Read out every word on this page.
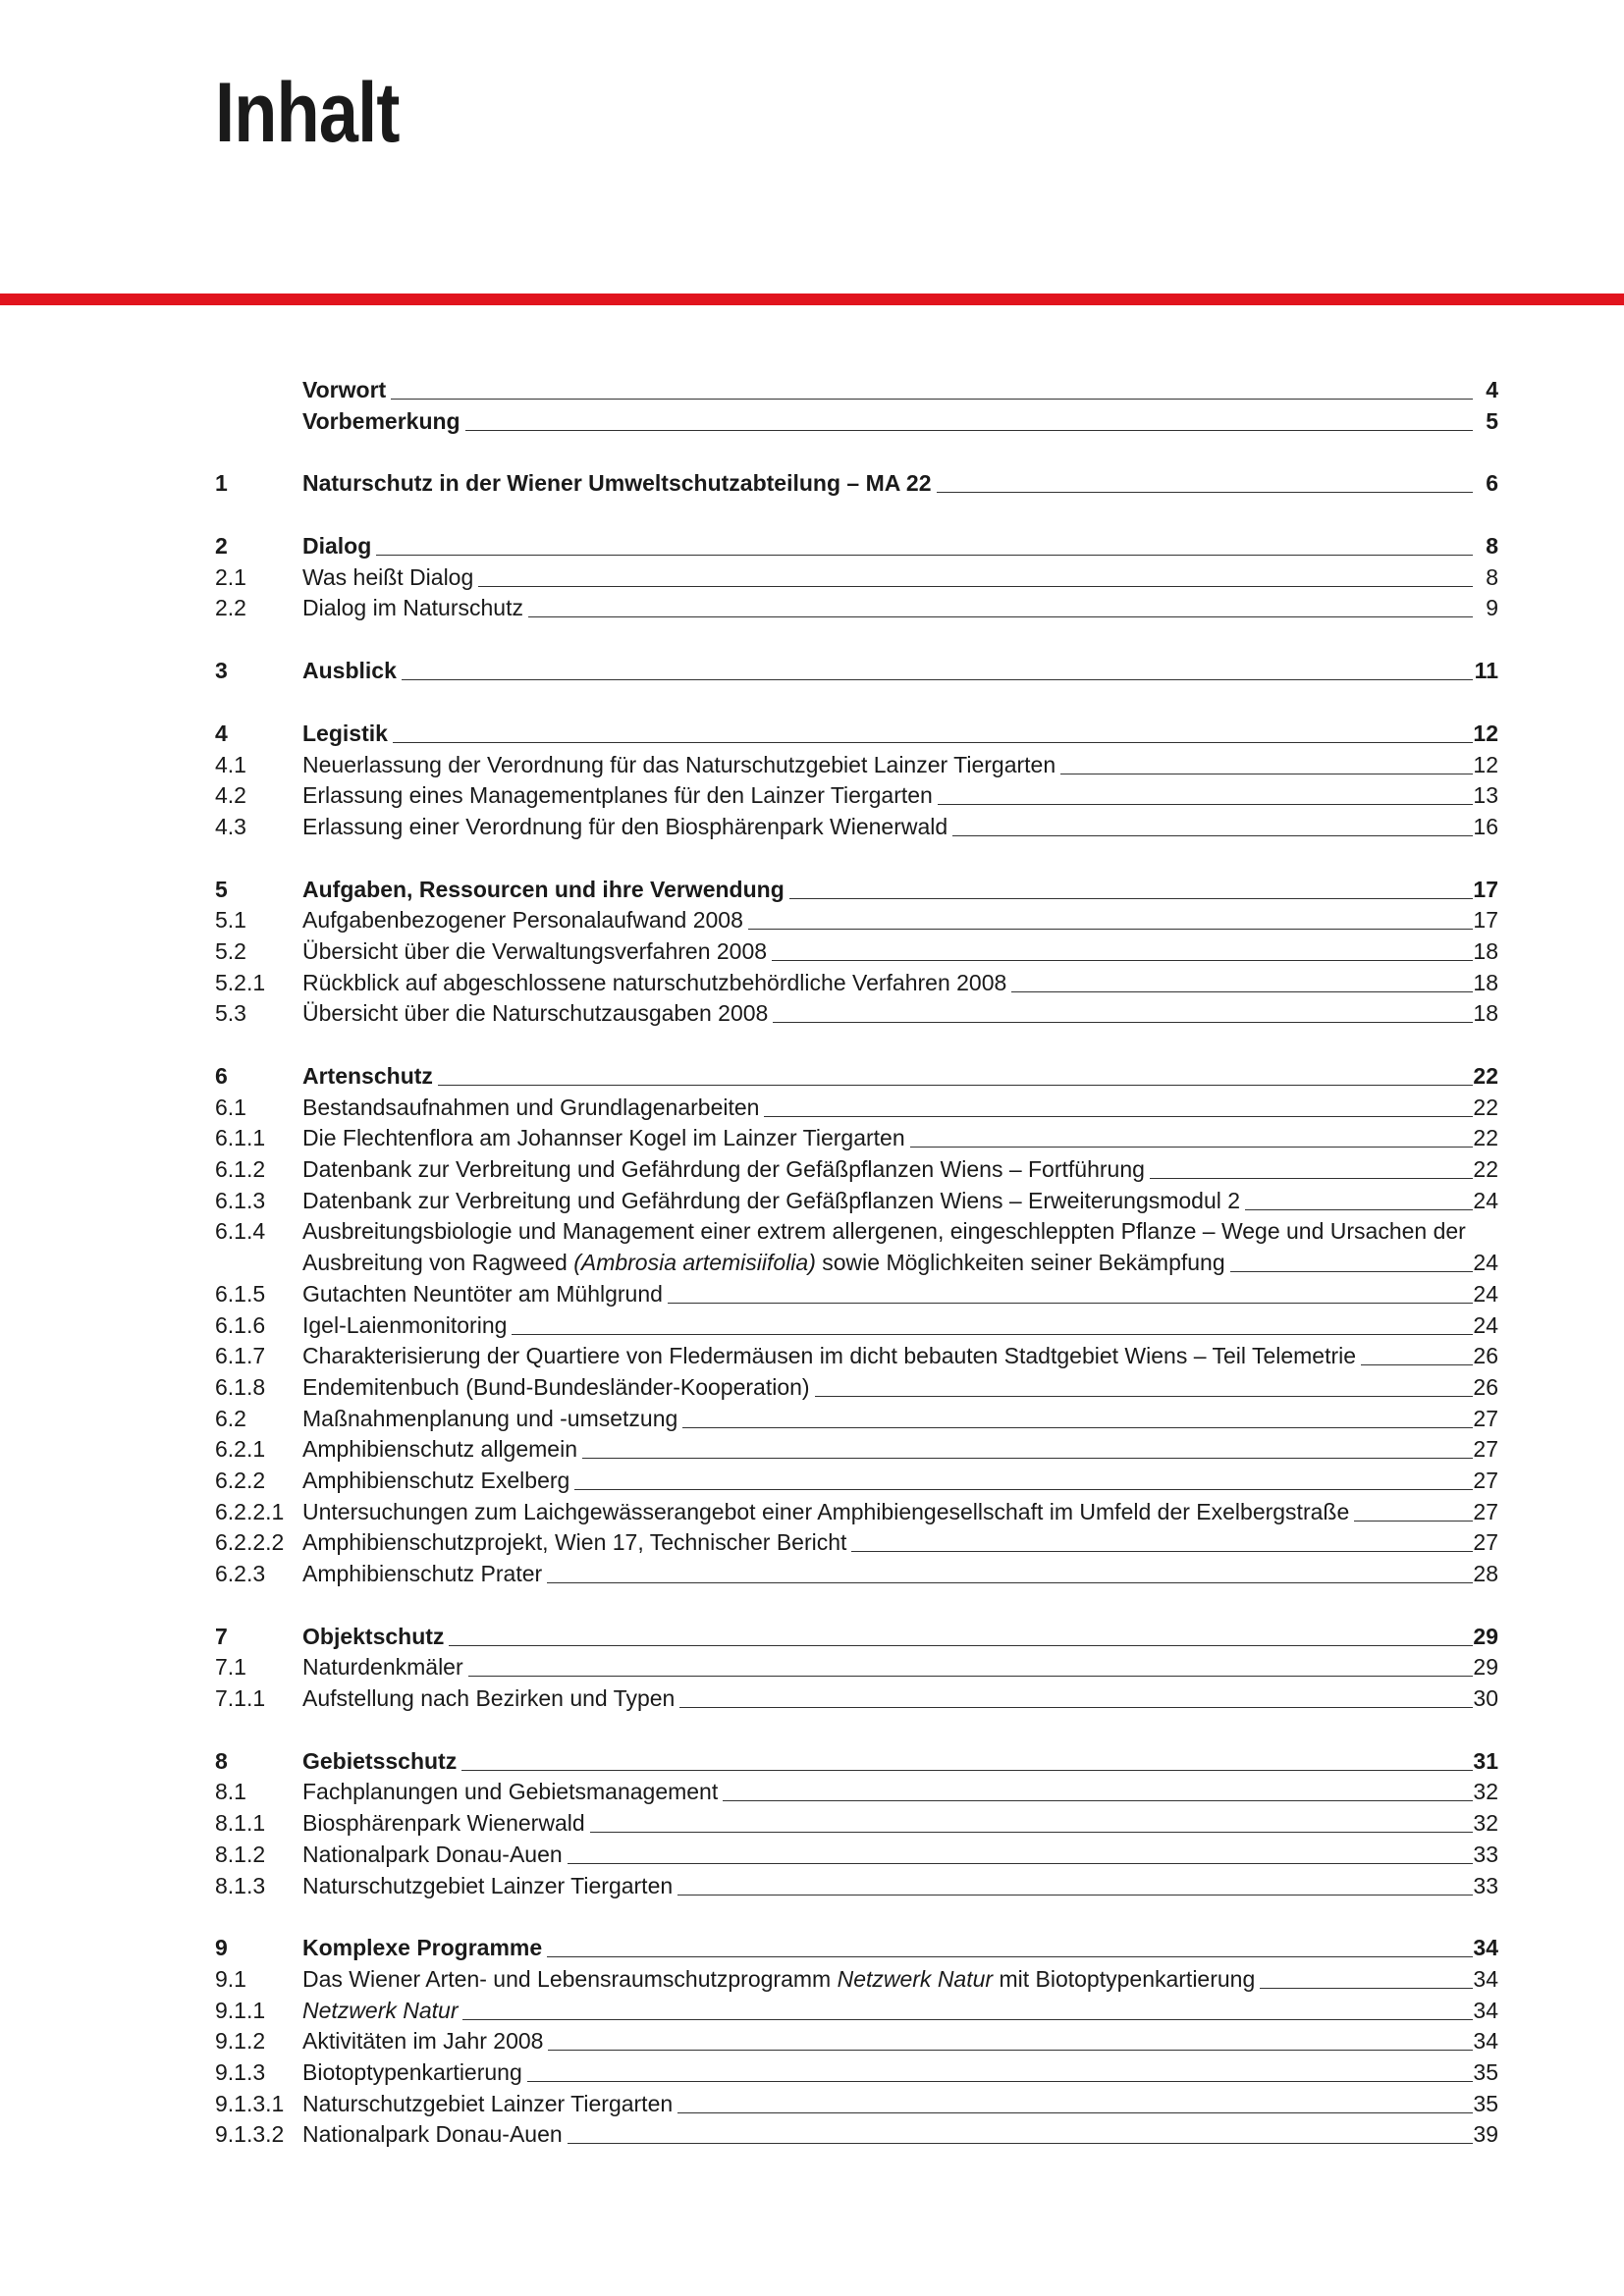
Inhalt
Vorwort	4
Vorbemerkung	5
1	Naturschutz in der Wiener Umweltschutzabteilung – MA 22	6
2	Dialog	8
2.1 Was heißt Dialog	8
2.2 Dialog im Naturschutz	9
3	Ausblick	11
4	Legistik	12
4.1 Neuerlassung der Verordnung für das Naturschutzgebiet Lainzer Tiergarten	12
4.2 Erlassung eines Managementplanes für den Lainzer Tiergarten	13
4.3 Erlassung einer Verordnung für den Biosphärenpark Wienerwald	16
5	Aufgaben, Ressourcen und ihre Verwendung	17
5.1 Aufgabenbezogener Personalaufwand 2008	17
5.2 Übersicht über die Verwaltungsverfahren 2008	18
5.2.1 Rückblick auf abgeschlossene naturschutzbehördliche Verfahren 2008	18
5.3 Übersicht über die Naturschutzausgaben 2008	18
6	Artenschutz	22
6.1 Bestandsaufnahmen und Grundlagenarbeiten	22
6.1.1 Die Flechtenflora am Johannser Kogel im Lainzer Tiergarten	22
6.1.2 Datenbank zur Verbreitung und Gefährdung der Gefäßpflanzen Wiens – Fortführung	22
6.1.3 Datenbank zur Verbreitung und Gefährdung der Gefäßpflanzen Wiens – Erweiterungsmodul 2	24
6.1.4 Ausbreitungsbiologie und Management einer extrem allergenen, eingeschleppten Pflanze – Wege und Ursachen der
Ausbreitung von Ragweed (Ambrosia artemisiifolia) sowie Möglichkeiten seiner Bekämpfung	24
6.1.5 Gutachten Neuntöter am Mühlgrund	24
6.1.6 Igel-Laienmonitoring	24
6.1.7 Charakterisierung der Quartiere von Fledermäusen im dicht bebauten Stadtgebiet Wiens – Teil Telemetrie	26
6.1.8 Endemitenbuch (Bund-Bundesländer-Kooperation)	26
6.2 Maßnahmenplanung und -umsetzung	27
6.2.1 Amphibienschutz allgemein	27
6.2.2 Amphibienschutz Exelberg	27
6.2.2.1 Untersuchungen zum Laichgewässerangebot einer Amphibiengesellschaft im Umfeld der Exelbergstraße	27
6.2.2.2 Amphibienschutzprojekt, Wien 17, Technischer Bericht	27
6.2.3 Amphibienschutz Prater	28
7	Objektschutz	29
7.1 Naturdenkmäler	29
7.1.1 Aufstellung nach Bezirken und Typen	30
8	Gebietsschutz	31
8.1 Fachplanungen und Gebietsmanagement	32
8.1.1 Biosphärenpark Wienerwald	32
8.1.2 Nationalpark Donau-Auen	33
8.1.3 Naturschutzgebiet Lainzer Tiergarten	33
9	Komplexe Programme	34
9.1 Das Wiener Arten- und Lebensraumschutzprogramm Netzwerk Natur mit Biotoptypenkartierung	34
9.1.1 Netzwerk Natur	34
9.1.2 Aktivitäten im Jahr 2008	34
9.1.3 Biotoptypenkartierung	35
9.1.3.1 Naturschutzgebiet Lainzer Tiergarten	35
9.1.3.2 Nationalpark Donau-Auen	39
